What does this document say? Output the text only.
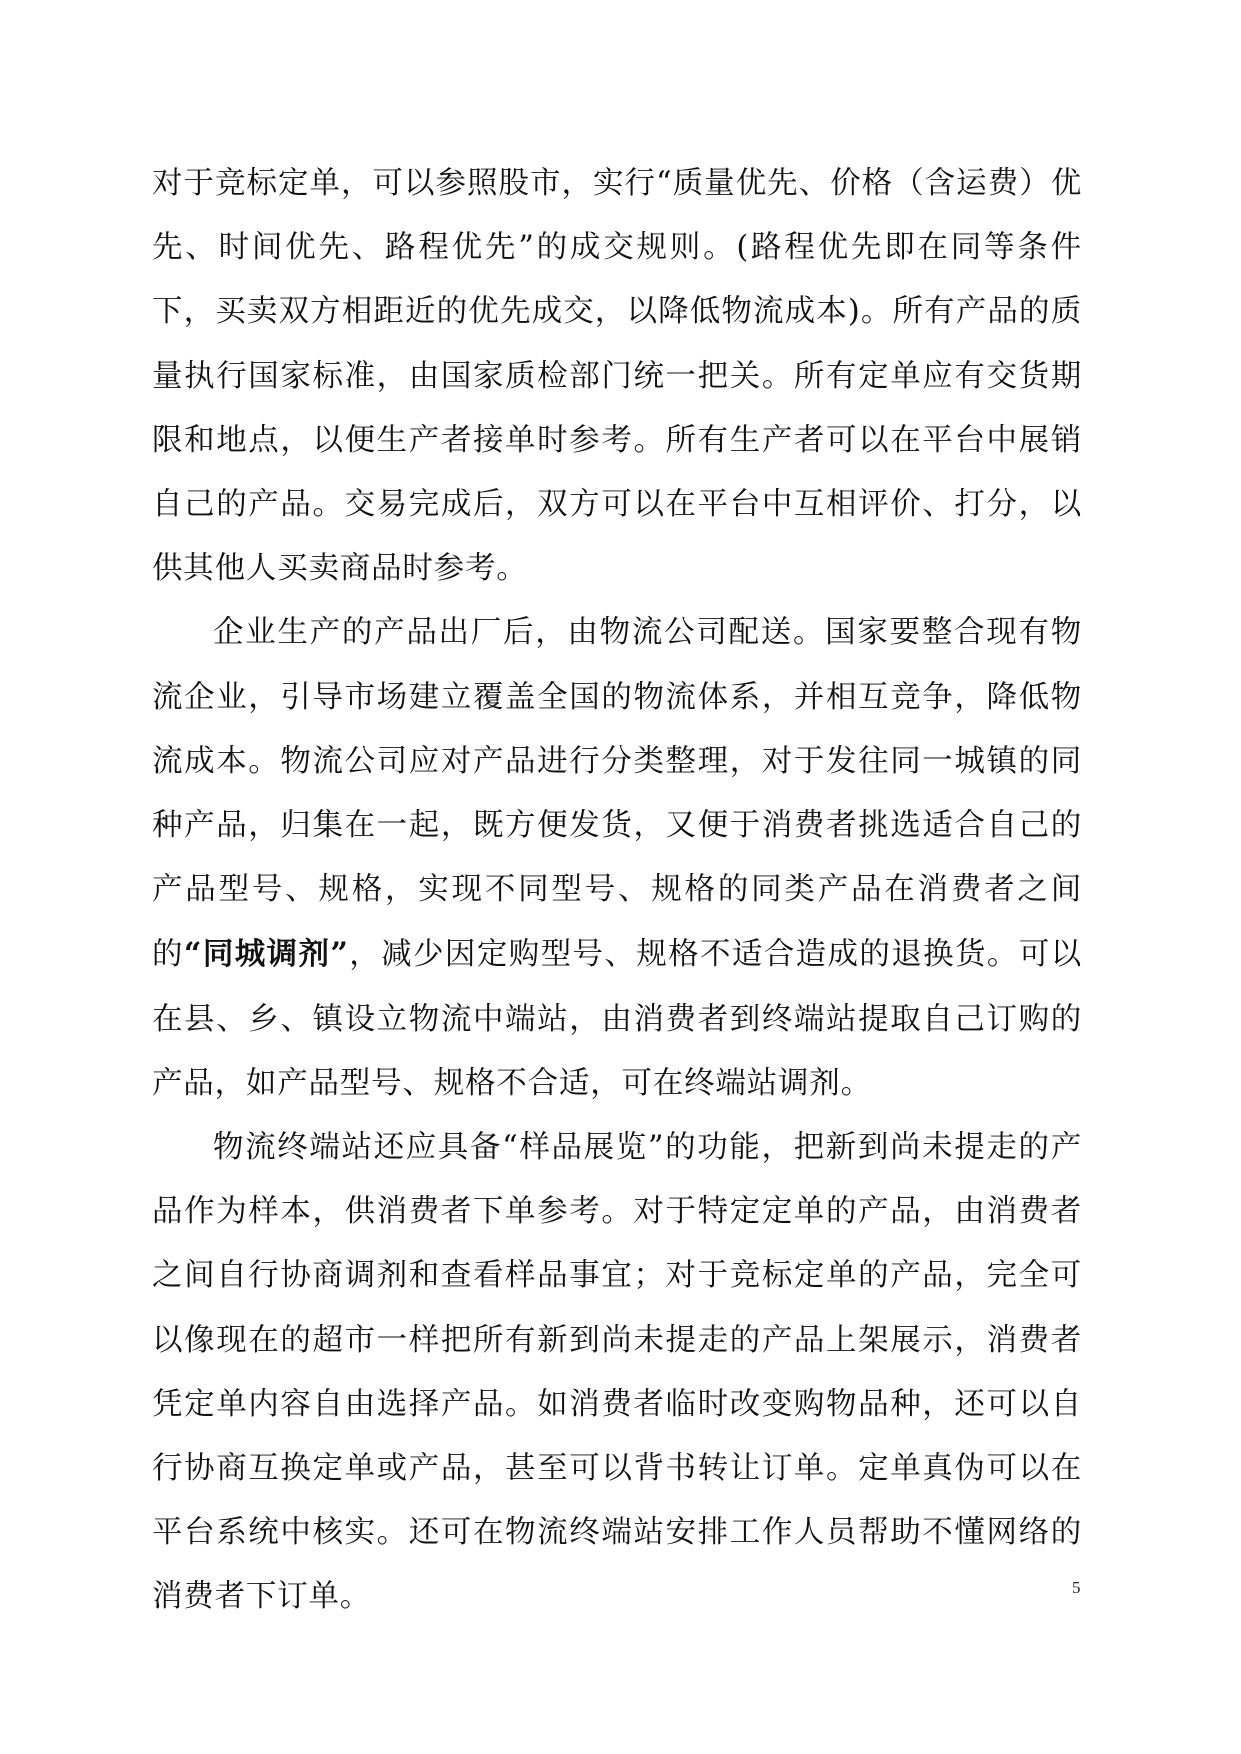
对于竞标定单，可以参照股市，实行“质量优先、价格（含运费）优先、时间优先、路程优先”的成交规则。(路程优先即在同等条件下，买卖双方相距近的优先成交，以降低物流成本)。所有产品的质量执行国家标准，由国家质检部门统一把关。所有定单应有交货期限和地点，以便生产者接单时参考。所有生产者可以在平台中展销自己的产品。交易完成后，双方可以在平台中互相评价、打分，以供其他人买卖商品时参考。

企业生产的产品出厂后，由物流公司配送。国家要整合现有物流企业，引导市场建立覆盖全国的物流体系，并相互竞争，降低物流成本。物流公司应对产品进行分类整理，对于发往同一城镇的同种产品，归集在一起，既方便发货，又便于消费者挑选适合自己的产品型号、规格，实现不同型号、规格的同类产品在消费者之间的“同城调剂”，减少因定购型号、规格不适合造成的退换货。可以在县、乡、镇设立物流中端站，由消费者到终端站提取自己订购的产品，如产品型号、规格不合适，可在终端站调剂。

物流终端站还应具备“样品展览”的功能，把新到尚未提走的产品作为样本，供消费者下单参考。对于特定定单的产品，由消费者之间自行协商调剂和查看样品事宜；对于竞标定单的产品，完全可以像现在的超市一样把所有新到尚未提走的产品上架展示，消费者凭定单内容自由选择产品。如消费者临时改变购物品种，还可以自行协商互换定单或产品，甚至可以背书转让订单。定单真伪可以在平台系统中核实。还可在物流终端站安排工作人员帮助不懂网络的消费者下订单。	5
